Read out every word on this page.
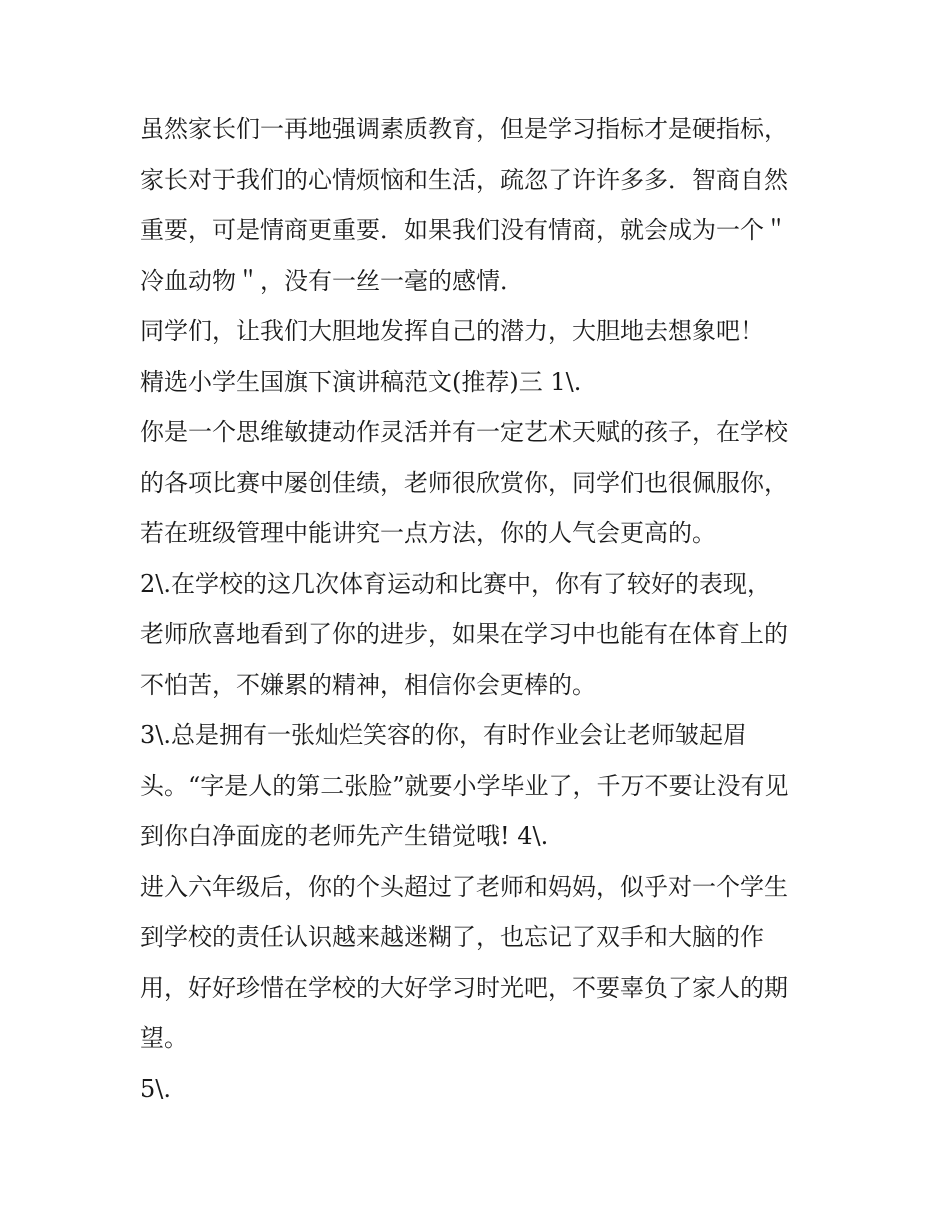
虽然家长们一再地强调素质教育，但是学习指标才是硬指标，
家长对于我们的心情烦恼和生活，疏忽了许许多多．智商自然
重要，可是情商更重要．如果我们没有情商，就会成为一个＂
冷血动物＂，没有一丝一毫的感情．
同学们，让我们大胆地发挥自己的潜力，大胆地去想象吧！
精选小学生国旗下演讲稿范文(推荐)三 1\.
你是一个思维敏捷动作灵活并有一定艺术天赋的孩子，在学校
的各项比赛中屡创佳绩，老师很欣赏你，同学们也很佩服你，
若在班级管理中能讲究一点方法，你的人气会更高的。
2\.在学校的这几次体育运动和比赛中，你有了较好的表现，
老师欣喜地看到了你的进步，如果在学习中也能有在体育上的
不怕苦，不嫌累的精神，相信你会更棒的。
3\.总是拥有一张灿烂笑容的你，有时作业会让老师皱起眉
头。“字是人的第二张脸”就要小学毕业了，千万不要让没有见
到你白净面庞的老师先产生错觉哦! 4\.
进入六年级后，你的个头超过了老师和妈妈，似乎对一个学生
到学校的责任认识越来越迷糊了，也忘记了双手和大脑的作
用，好好珍惜在学校的大好学习时光吧，不要辜负了家人的期
望。
5\.
